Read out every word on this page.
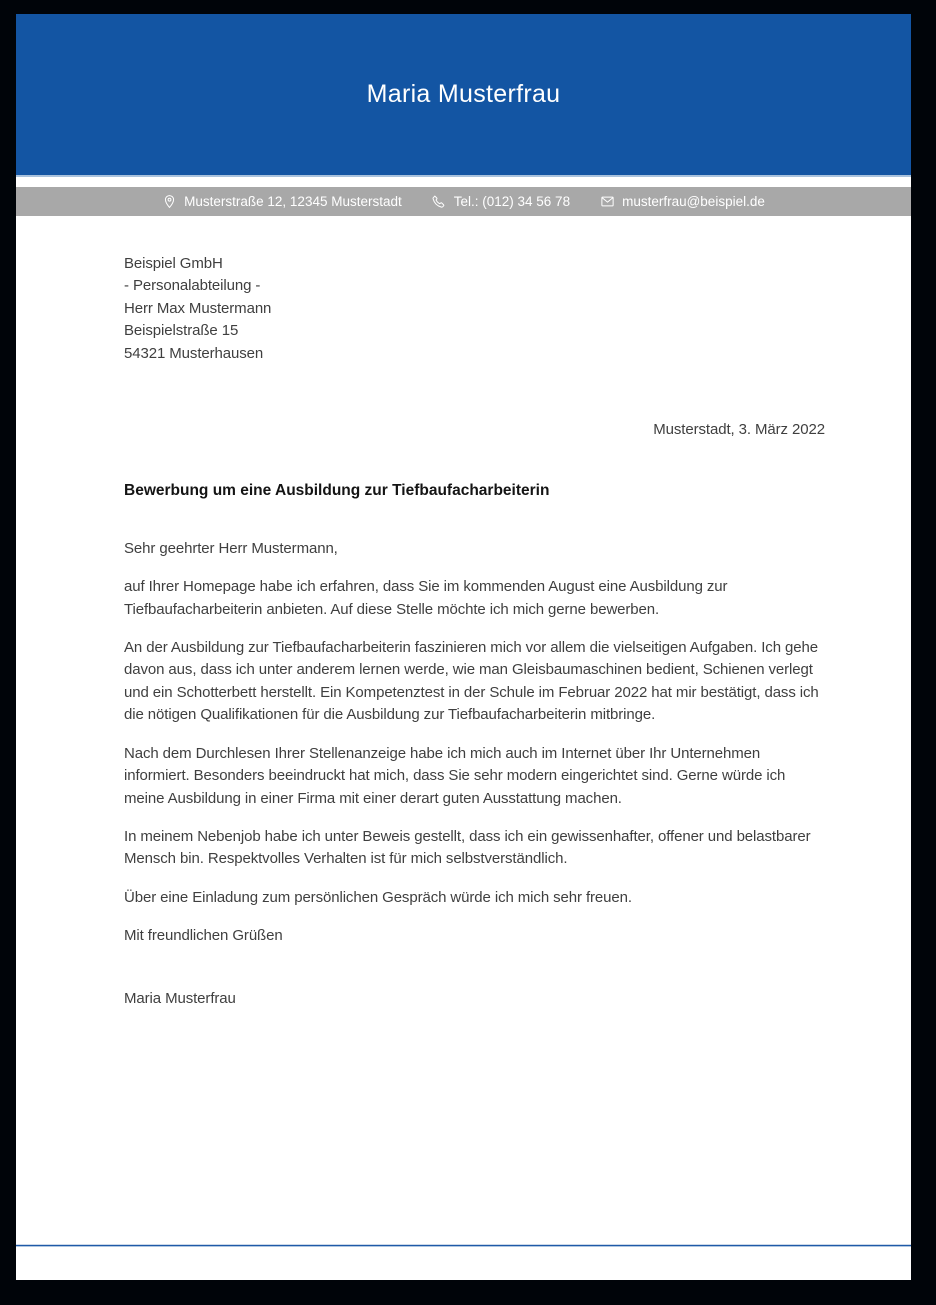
Maria Musterfrau
Musterstraße 12, 12345 Musterstadt	Tel.: (012) 34 56 78	musterfrau@beispiel.de
Beispiel GmbH
- Personalabteilung -
Herr Max Mustermann
Beispielstraße 15
54321 Musterhausen
Musterstadt, 3. März 2022
Bewerbung um eine Ausbildung zur Tiefbaufacharbeiterin
Sehr geehrter Herr Mustermann,
auf Ihrer Homepage habe ich erfahren, dass Sie im kommenden August eine Ausbildung zur Tiefbaufacharbeiterin anbieten. Auf diese Stelle möchte ich mich gerne bewerben.
An der Ausbildung zur Tiefbaufacharbeiterin faszinieren mich vor allem die vielseitigen Aufgaben. Ich gehe davon aus, dass ich unter anderem lernen werde, wie man Gleisbaumaschinen bedient, Schienen verlegt und ein Schotterbett herstellt. Ein Kompetenztest in der Schule im Februar 2022 hat mir bestätigt, dass ich die nötigen Qualifikationen für die Ausbildung zur Tiefbaufacharbeiterin mitbringe.
Nach dem Durchlesen Ihrer Stellenanzeige habe ich mich auch im Internet über Ihr Unternehmen informiert. Besonders beeindruckt hat mich, dass Sie sehr modern eingerichtet sind. Gerne würde ich meine Ausbildung in einer Firma mit einer derart guten Ausstattung machen.
In meinem Nebenjob habe ich unter Beweis gestellt, dass ich ein gewissenhafter, offener und belastbarer Mensch bin. Respektvolles Verhalten ist für mich selbstverständlich.
Über eine Einladung zum persönlichen Gespräch würde ich mich sehr freuen.
Mit freundlichen Grüßen
Maria Musterfrau
